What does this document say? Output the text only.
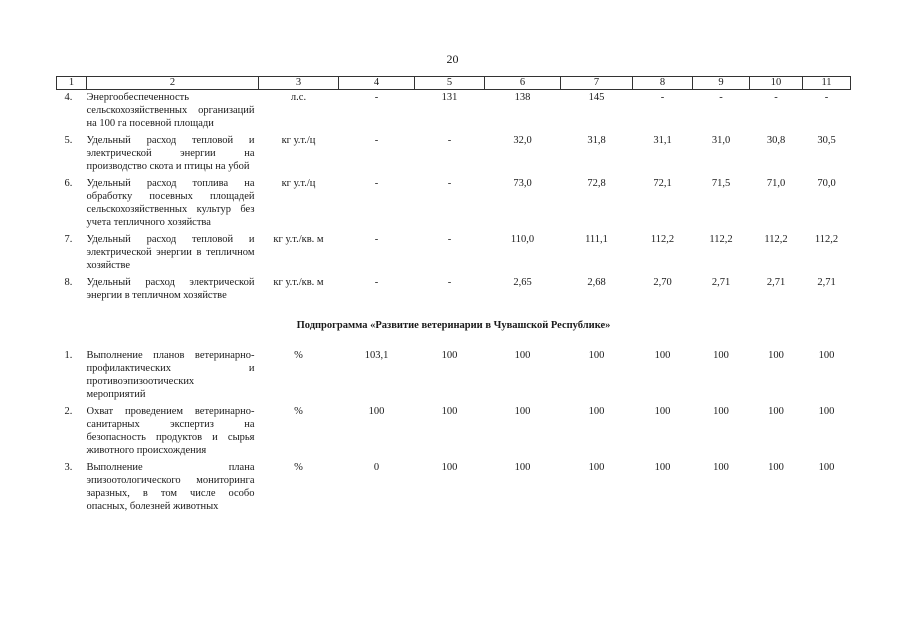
20
1	2	3	4	5	6	7	8	9	10	11
4.	Энергообеспеченность сельскохозяйственных организаций на 100 га посевной площади	л.с.	-	131	138	145	-	-	-	-
5.	Удельный расход тепловой и электрической энергии на производство скота и птицы на убой	кг у.т./ц	-	-	32,0	31,8	31,1	31,0	30,8	30,5
6.	Удельный расход топлива на обработку посевных площадей сельскохозяйственных культур без учета тепличного хозяйства	кг у.т./ц	-	-	73,0	72,8	72,1	71,5	71,0	70,0
7.	Удельный расход тепловой и электрической энергии в тепличном хозяйстве	кг у.т./кв. м	-	-	110,0	111,1	112,2	112,2	112,2	112,2
8.	Удельный расход электрической энергии в тепличном хозяйстве	кг у.т./кв. м	-	-	2,65	2,68	2,70	2,71	2,71	2,71
Подпрограмма «Развитие ветеринарии в Чувашской Республике»										
1.	Выполнение планов ветеринарно-профилактических и противоэпизоотических мероприятий	%	103,1	100	100	100	100	100	100	100
2.	Охват проведением ветеринарно-санитарных экспертиз на безопасность продуктов и сырья животного происхождения	%	100	100	100	100	100	100	100	100
3.	Выполнение плана эпизоотологического мониторинга заразных, в том числе особо опасных, болезней животных	%	0	100	100	100	100	100	100	100
